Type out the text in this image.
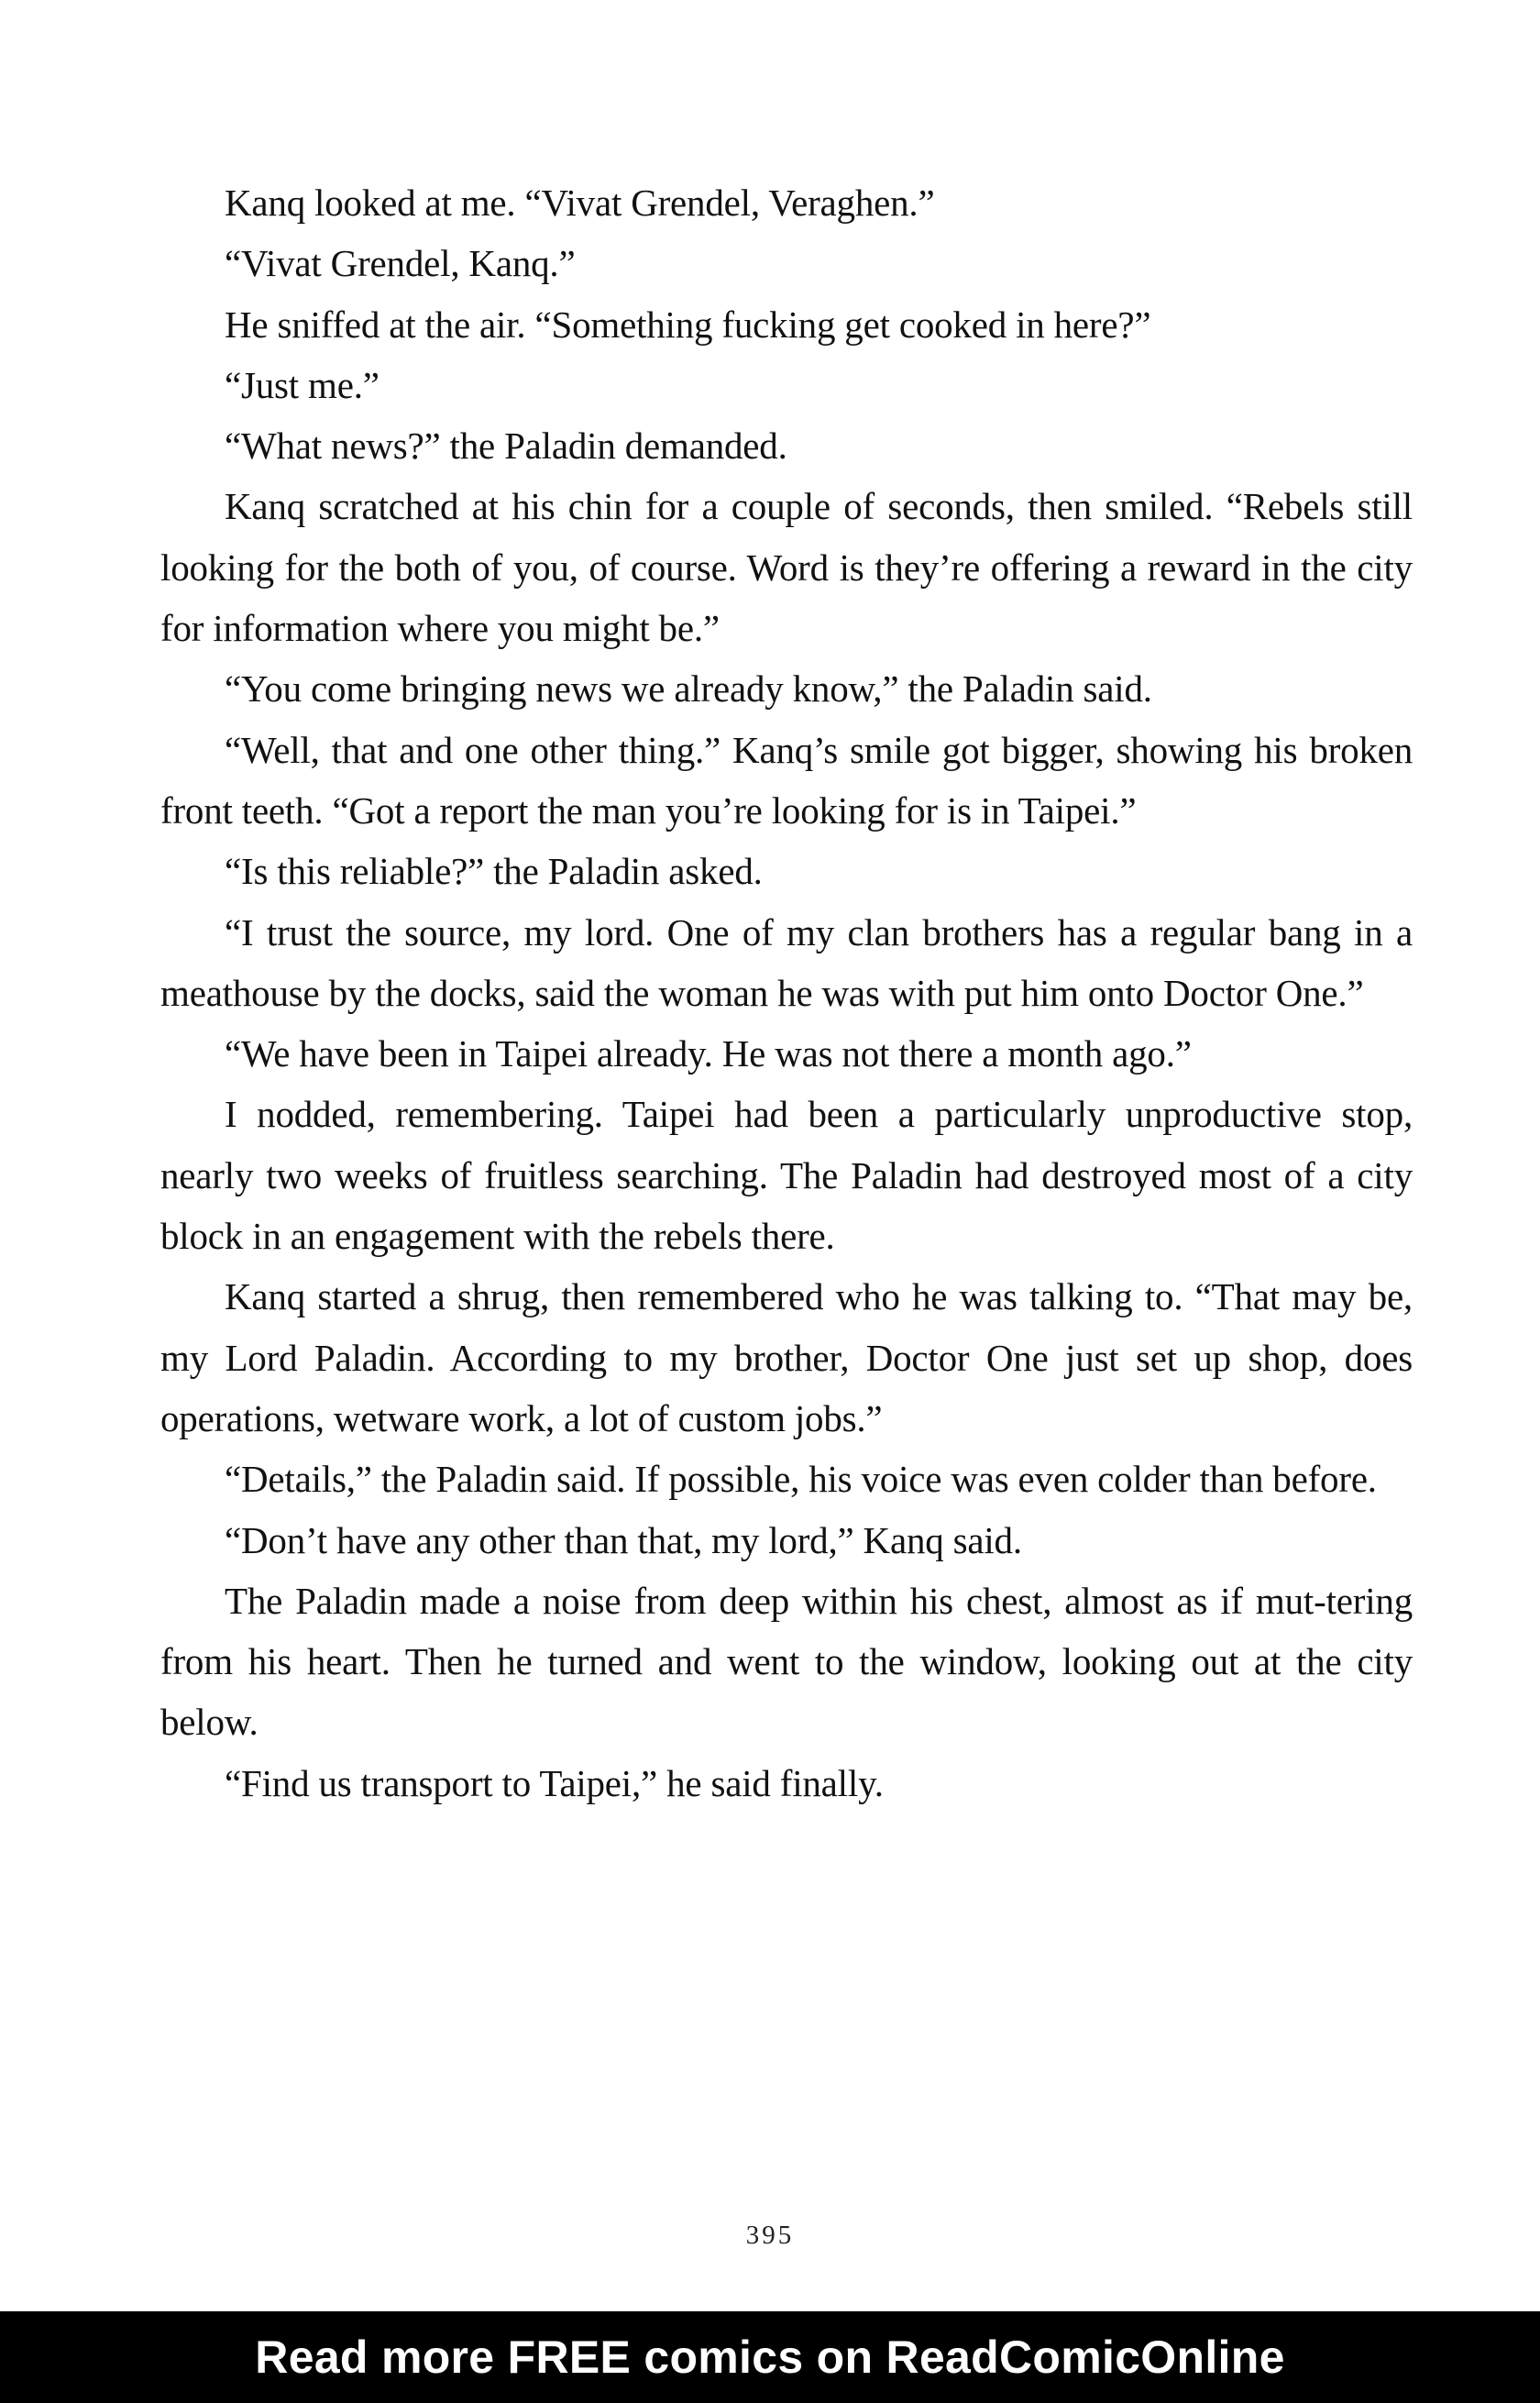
Kanq looked at me. “Vivat Grendel, Veraghen.”

“Vivat Grendel, Kanq.”

He sniffed at the air. “Something fucking get cooked in here?”

“Just me.”

“What news?” the Paladin demanded.

Kanq scratched at his chin for a couple of seconds, then smiled. “Rebels still looking for the both of you, of course. Word is they’re offering a reward in the city for information where you might be.”

“You come bringing news we already know,” the Paladin said.

“Well, that and one other thing.” Kanq’s smile got bigger, showing his broken front teeth. “Got a report the man you’re looking for is in Taipei.”

“Is this reliable?” the Paladin asked.

“I trust the source, my lord. One of my clan brothers has a regular bang in a meathouse by the docks, said the woman he was with put him onto Doctor One.”

“We have been in Taipei already. He was not there a month ago.”

I nodded, remembering. Taipei had been a particularly unproductive stop, nearly two weeks of fruitless searching. The Paladin had destroyed most of a city block in an engagement with the rebels there.

Kanq started a shrug, then remembered who he was talking to. “That may be, my Lord Paladin. According to my brother, Doctor One just set up shop, does operations, wetware work, a lot of custom jobs.”

“Details,” the Paladin said. If possible, his voice was even colder than before.

“Don’t have any other than that, my lord,” Kanq said.

The Paladin made a noise from deep within his chest, almost as if mut-tering from his heart. Then he turned and went to the window, looking out at the city below.

“Find us transport to Taipei,” he said finally.

395
Read more FREE comics on ReadComicOnline
